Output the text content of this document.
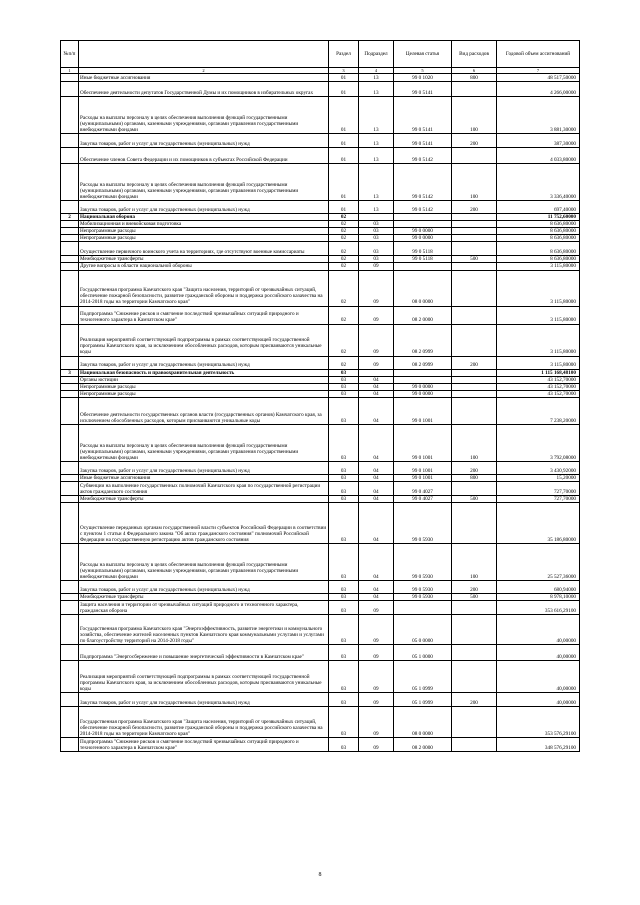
№п/п		Раздел	Подраздел	Целевая статья	Вид расходов	Годовой объем ассигнований
1	2	3	4	5	6	7
	Иные бюджетные ассигнования	01	13	99 0 1020	800	48 517,50000
	Обеспечение деятельности депутатов Государственной Думы и их помощников в избирательных округах	01	13	99 0 5141		4 266,00000
	Расходы на выплаты персоналу в целях обеспечения выполнения функций государственными (муниципальными) органами, казенными учреждениями, органами управления государственными внебюджетными фондами	01	13	99 0 5141	100	3 881,30000
	Закупка товаров, работ и услуг для государственных (муниципальных) нужд	01	13	99 0 5141	200	387,30000
	Обеспечение членов Совета Федерации и их помощников в субъектах Российской Федерации	01	13	99 0 5142		4 033,80000
	Расходы на выплаты персоналу в целях обеспечения выполнения функций государственными (муниципальными) органами, казенными учреждениями, органами управления государственными внебюджетными фондами	01	13	99 0 5142	100	3 336,40000
	Закупка товаров, работ и услуг для государственных (муниципальных) нужд	01	13	99 0 5142	200	697,40000
2	Национальная оборона	02				11 752,60000
	Мобилизационная и вневойсковая подготовка	02	03			8 636,80000
	Непрограммные расходы	02	03	99 0 0000		8 636,80000
	Непрограммные расходы	02	03	99 0 0000		8 636,80000
	Осуществление первичного воинского учета на территориях, где отсутствуют военные комиссариаты	02	03	99 0 5118		8 636,80000
	Межбюджетные трансферты	02	03	99 0 5118	500	8 636,80000
	Другие вопросы в области национальной обороны	02	09			3 115,80000
	Государственная программа Камчатского края "Защита населения, территорий от чрезвычайных ситуаций, обеспечение пожарной безопасности, развитие гражданской обороны и поддержка российского казачества на 2014-2018 годы на территории Камчатского края"	02	09	08 0 0000		3 115,80000
	Подпрограмма "Снижение рисков и смягчение последствий чрезвычайных ситуаций природного и техногенного характера в Камчатском крае"	02	09	08 2 0000		3 115,80000
	Реализация мероприятий соответствующей подпрограммы в рамках соответствующей государственной программы Камчатского края, за исключением обособленных расходов, которым присваиваются уникальные коды	02	09	08 2 0999		3 115,80000
	Закупка товаров, работ и услуг для государственных (муниципальных) нужд	02	09	08 2 0999	200	3 115,80000
3	Национальная безопасность и правоохранительная деятельность	03				1 115 168,48100
	Органы юстиции	03	04			43 152,70000
	Непрограммные расходы	03	04	99 0 0000		43 152,70000
	Непрограммные расходы	03	04	99 0 0000		43 152,70000
	Обеспечение деятельности государственных органов власти (государственных органов) Камчатского края, за исключением обособленных расходов, которым присваиваются уникальные коды	03	04	99 0 1001		7 238,20000
	Расходы на выплаты персоналу в целях обеспечения выполнения функций государственными (муниципальными) органами, казенными учреждениями, органами управления государственными внебюджетными фондами	03	04	99 0 1001	100	3 792,08000
	Закупка товаров, работ и услуг для государственных (муниципальных) нужд	03	04	99 0 1001	200	3 430,92000
	Иные бюджетные ассигнования	03	04	99 0 1001	800	15,20000
	Субвенции на выполнение государственных полномочий Камчатского края по государственной регистрации актов гражданского состояния	03	04	99 0 4027		727,70000
	Межбюджетные трансферты	03	04	99 0 4027	500	727,70000
	Осуществление переданных органам государственной власти субъектов Российской Федерации в соответствии с пунктом 1 статьи 4 Федерального закона "Об актах гражданского состояния" полномочий Российской Федерации на государственную регистрацию актов гражданского состояния	03	04	99 0 5930		35 186,80000
	Расходы на выплаты персоналу в целях обеспечения выполнения функций государственными (муниципальными) органами, казенными учреждениями, органами управления государственными внебюджетными фондами	03	04	99 0 5930	100	25 527,36000
	Закупка товаров, работ и услуг для государственных (муниципальных) нужд	03	04	99 0 5930	200	680,94000
	Межбюджетные трансферты	03	04	99 0 5930	500	8 978,10000
	Защита населения и территории от чрезвычайных ситуаций природного и техногенного характера, гражданская оборона	03	09			353 616,29100
	Государственная программа Камчатского края "Энергоэффективность, развитие энергетики и коммунального хозяйства, обеспечение жителей населенных пунктов Камчатского края коммунальными услугами и услугами по благоустройству территорий на 2014-2018 годы"	03	09	05 0 0000		40,00000
	Подпрограмма "Энергосбережение и повышение энергетической эффективности в Камчатском крае"	03	09	05 1 0000		40,00000
	Реализация мероприятий соответствующей подпрограммы в рамках соответствующей государственной программы Камчатского края, за исключением обособленных расходов, которым присваиваются уникальные коды	03	09	05 1 0999		40,00000
	Закупка товаров, работ и услуг для государственных (муниципальных) нужд	03	09	05 1 0999	200	40,00000
	Государственная программа Камчатского края "Защита населения, территорий от чрезвычайных ситуаций, обеспечение пожарной безопасности, развитие гражданской обороны и поддержка российского казачества на 2014-2018 годы на территории Камчатского края"	03	09	08 0 0000		353 576,29100
	Подпрограмма "Снижение рисков и смягчение последствий чрезвычайных ситуаций природного и техногенного характера в Камчатском крае"	03	09	08 2 0000		348 576,29100
8
